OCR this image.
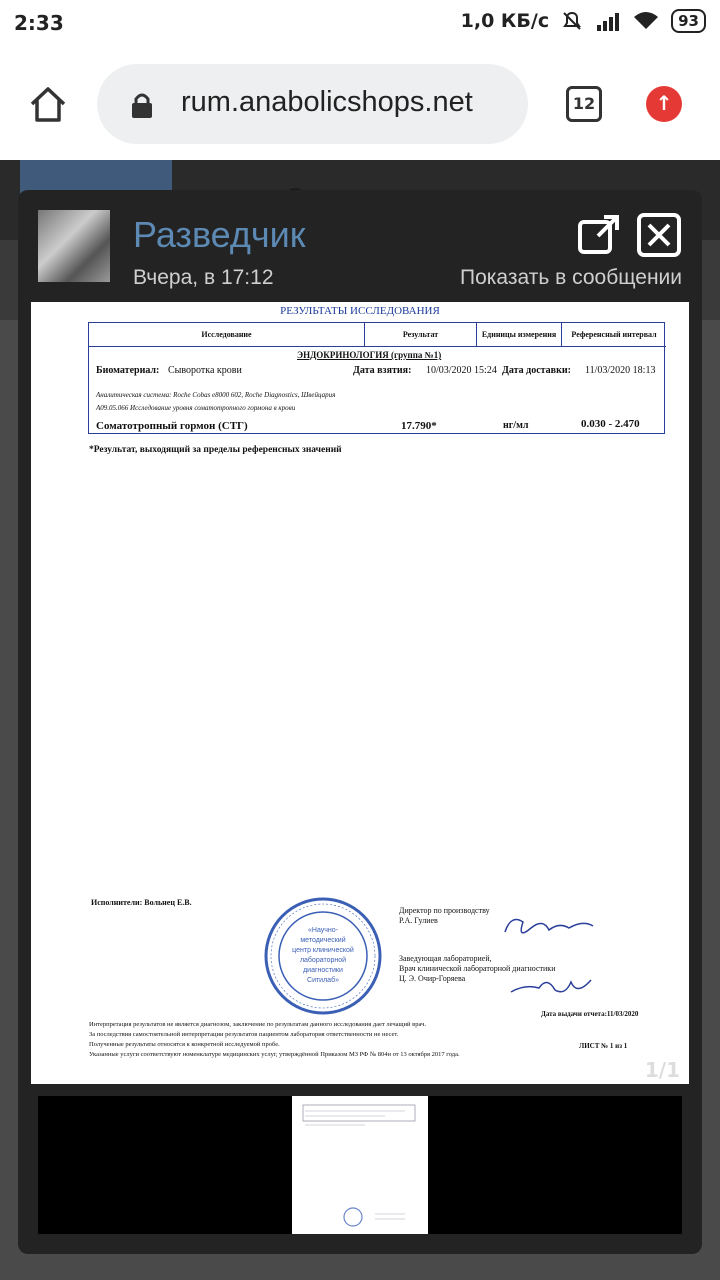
2:33	1,0 КБ/с	93
rum.anabolicshops.net	12	↑
Разведчик
Вчера, в 17:12	Показать в сообщении
РЕЗУЛЬТАТЫ ИССЛЕДОВАНИЯ
Исследование	Результат	Единицы измерения	Референсный интервал
ЭНДОКРИНОЛОГИЯ (группа №1)
Биоматериал: Сыворотка крови	Дата взятия: 10/03/2020 15:24 Дата доставки: 11/03/2020 18:13
Аналитическая система: Roche Cobas e8000 602, Roche Diagnostics, Швейцария
A09.05.066 Исследование уровня соматотропного гормона в крови
Соматотропный гормон (СТГ)	17.790*	нг/мл	0.030 - 2.470
*Результат, выходящий за пределы референсных значений
Исполнители: Вольнец Е.В.
«Научно-
методический
центр клинической
лабораторной
диагностики
Ситилаб»
Директор по производству
Р.А. Гулиев
Заведующая лабораторией,
Врач клинической лабораторной диагностики
Ц. Э. Очир-Горяева
Дата выдачи отчета:11/03/2020
ЛИСТ № 1 из 1
Интерпретация результатов не является диагнозом, заключение по результатам данного исследования дает лечащий врач.
За последствия самостоятельной интерпретации результатов пациентом лаборатория ответственности не несет.
Полученные результаты относятся к конкретной исследуемой пробе.
Указанные услуги соответствуют номенклатуре медицинских услуг, утверждённой Приказом МЗ РФ № 804н от 13 октября 2017 года.
1/1
